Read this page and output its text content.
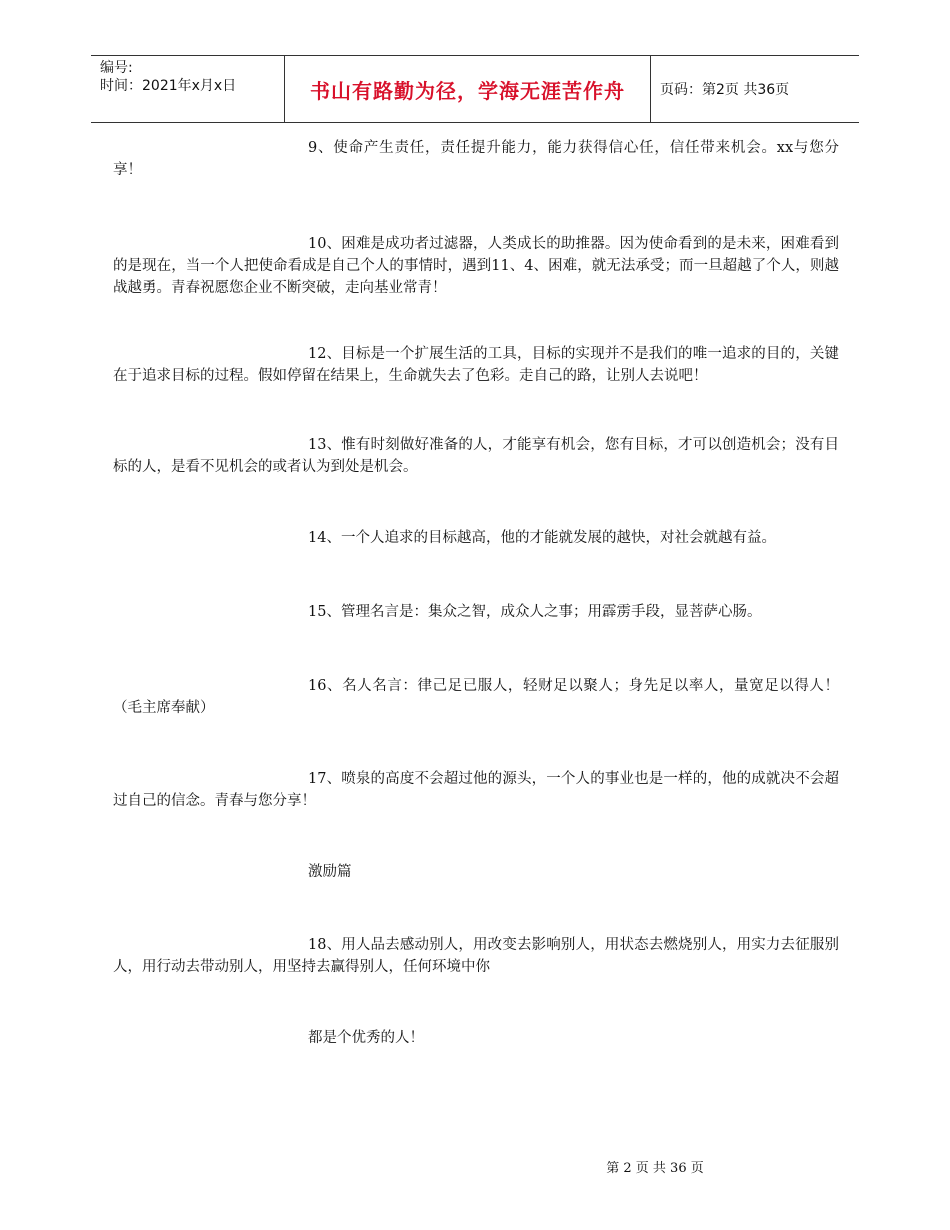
编号:
时间：2021年x月x日	书山有路勤为径，学海无涯苦作舟	页码：第2页 共36页

9、使命产生责任，责任提升能力，能力获得信心任，信任带来机会。xx与您分享！

10、困难是成功者过滤器，人类成长的助推器。因为使命看到的是未来，困难看到的是现在，当一个人把使命看成是自己个人的事情时，遇到11、4、困难，就无法承受；而一旦超越了个人，则越战越勇。青春祝愿您企业不断突破，走向基业常青！

12、目标是一个扩展生活的工具，目标的实现并不是我们的唯一追求的目的，关键在于追求目标的过程。假如停留在结果上，生命就失去了色彩。走自己的路，让别人去说吧！

13、惟有时刻做好准备的人，才能享有机会，您有目标，才可以创造机会；没有目标的人，是看不见机会的或者认为到处是机会。

14、一个人追求的目标越高，他的才能就发展的越快，对社会就越有益。

15、管理名言是：集众之智，成众人之事；用霹雳手段，显菩萨心肠。

16、名人名言：律己足已服人，轻财足以聚人；身先足以率人，量宽足以得人！（毛主席奉献）

17、喷泉的高度不会超过他的源头，一个人的事业也是一样的，他的成就决不会超过自己的信念。青春与您分享！

激励篇

18、用人品去感动别人，用改变去影响别人，用状态去燃烧别人，用实力去征服别人，用行动去带动别人，用坚持去赢得别人，任何环境中你

都是个优秀的人！

第 2 页 共 36 页
